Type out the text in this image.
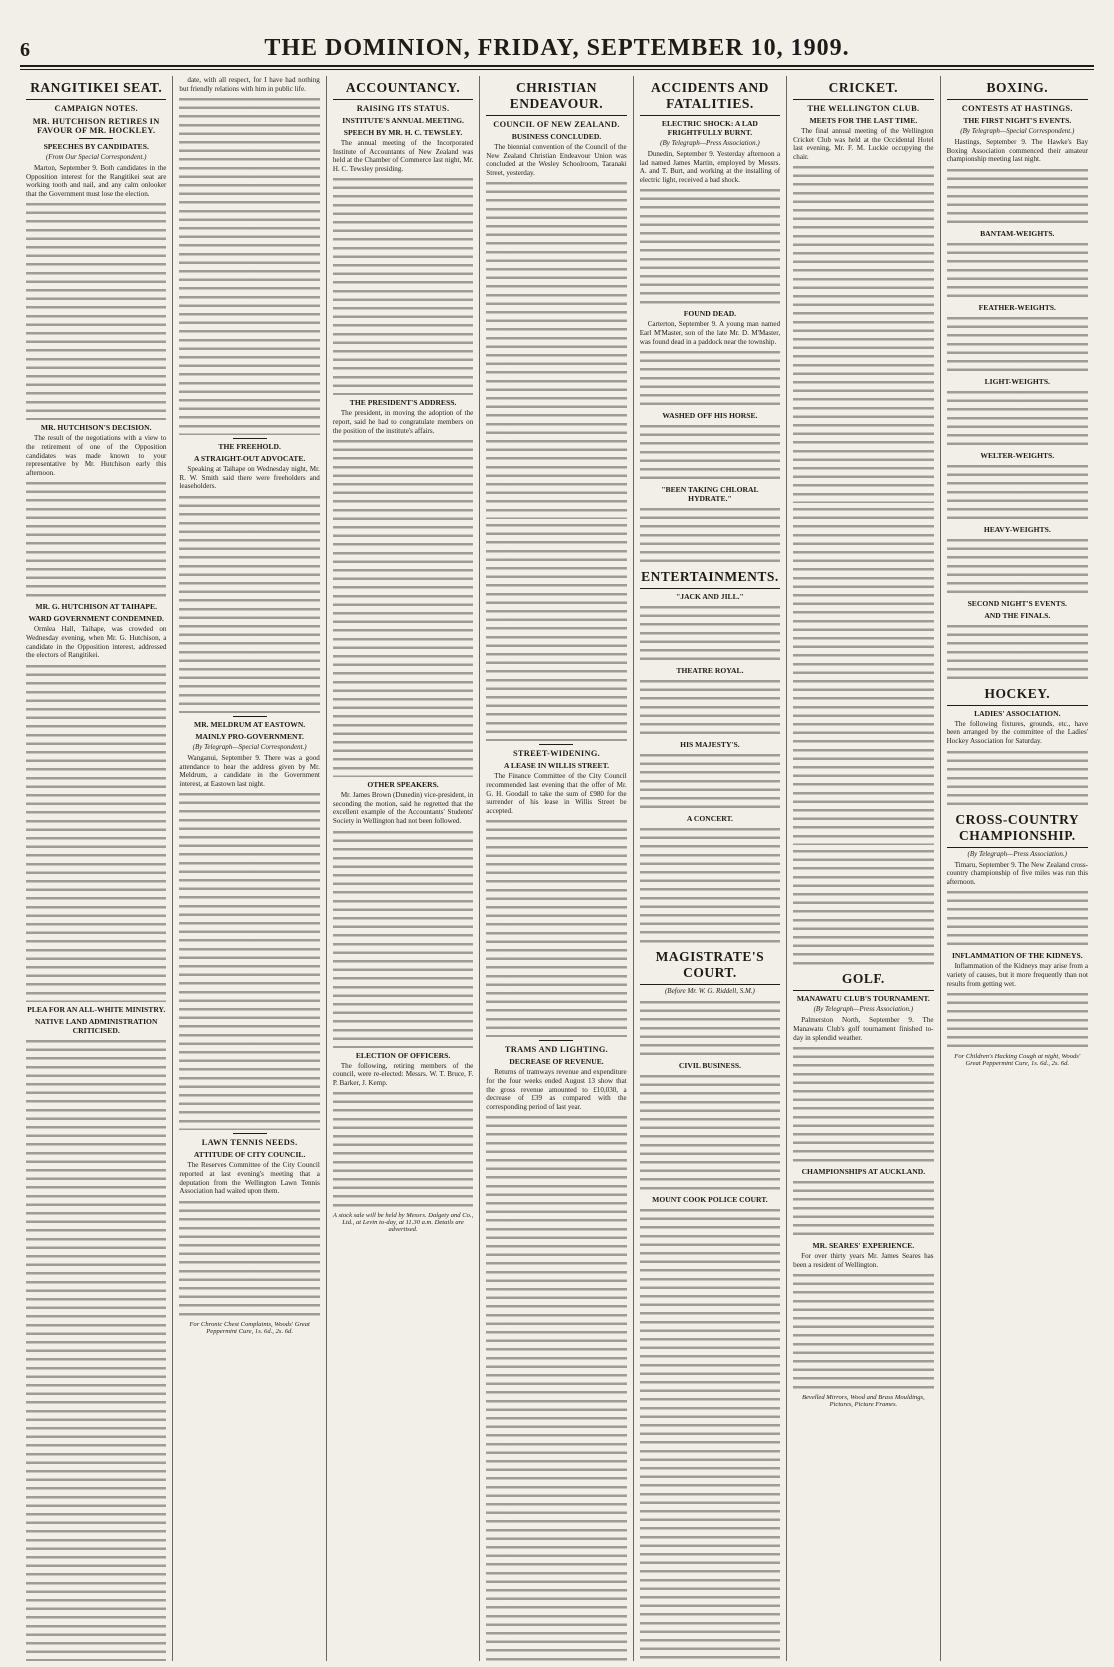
6	THE DOMINION, FRIDAY, SEPTEMBER 10, 1909.
RANGITIKEI SEAT.
CAMPAIGN NOTES.
MR. HUTCHISON RETIRES IN FAVOUR OF MR. HOCKLEY.
SPEECHES BY CANDIDATES.
(From Our Special Correspondent.)

Marton, September 9. Both candidates in the Opposition interest for the Rangitikei seat are working tooth and nail, and any calm onlooker that the Government must lose the election.

MR. HUTCHISON'S DECISION.

The result of the negotiations with a view to the retirement of one of the Opposition candidates was made known to your representative by Mr. Hutchison early this afternoon.

MR. G. HUTCHISON AT TAIHAPE.
WARD GOVERNMENT CONDEMNED.

Ormlea Hall, Taihape, was crowded on Wednesday evening, when Mr. G. Hutchison, a candidate in the Opposition interest, addressed the electors of Rangitikei.

PLEA FOR AN ALL-WHITE MINISTRY.
NATIVE LAND ADMINISTRATION CRITICISED.

date, with all respect, for I have had nothing but friendly relations with him in public life.

THE FREEHOLD.
A STRAIGHT-OUT ADVOCATE.

Speaking at Taihape on Wednesday night, Mr. R. W. Smith said there were freeholders and leaseholders.

MR. MELDRUM AT EASTOWN.
MAINLY PRO-GOVERNMENT.
(By Telegraph—Special Correspondent.)

Wanganui, September 9. There was a good attendance to hear the address given by Mr. Meldrum, a candidate in the Government interest, at Eastown last night.

LAWN TENNIS NEEDS.
ATTITUDE OF CITY COUNCIL.

The Reserves Committee of the City Council reported at last evening's meeting that a deputation from the Wellington Lawn Tennis Association had waited upon them.

For Chronic Chest Complaints, Woods' Great Peppermint Cure, 1s. 6d., 2s. 6d.
ACCOUNTANCY.
RAISING ITS STATUS.
INSTITUTE'S ANNUAL MEETING.
SPEECH BY MR. H. C. TEWSLEY.

The annual meeting of the Incorporated Institute of Accountants of New Zealand was held at the Chamber of Commerce last night, Mr. H. C. Tewsley presiding.

THE PRESIDENT'S ADDRESS.

The president, in moving the adoption of the report, said he had to congratulate members on the position of the institute's affairs.

OTHER SPEAKERS.

Mr. James Brown (Dunedin) vice-president, in seconding the motion, said he regretted that the excellent example of the Accountants' Students' Society in Wellington had not been followed.

ELECTION OF OFFICERS.

The following, retiring members of the council, were re-elected: Messrs. W. T. Bruce, F. P. Barker, J. Kemp.

A stock sale will be held by Messrs. Dalgety and Co., Ltd., at Levin to-day, at 11.30 a.m. Details are advertised.
CHRISTIAN ENDEAVOUR.
COUNCIL OF NEW ZEALAND.
BUSINESS CONCLUDED.

The biennial convention of the Council of the New Zealand Christian Endeavour Union was concluded at the Wesley Schoolroom, Taranaki Street, yesterday.

STREET-WIDENING.
A LEASE IN WILLIS STREET.

The Finance Committee of the City Council recommended last evening that the offer of Mr. G. H. Goodall to take the sum of £980 for the surrender of his lease in Willis Street be accepted.

TRAMS AND LIGHTING.
DECREASE OF REVENUE.

Returns of tramways revenue and expenditure for the four weeks ended August 13 show that the gross revenue amounted to £10,030, a decrease of £39 as compared with the corresponding period of last year.

ACCIDENTS AND FATALITIES.
ELECTRIC SHOCK: A LAD FRIGHTFULLY BURNT.
(By Telegraph—Press Association.)

Dunedin, September 9. Yesterday afternoon a lad named James Martin, employed by Messrs. A. and T. Burt, and working at the installing of electric light, received a bad shock.

FOUND DEAD.

Carterton, September 9. A young man named Earl M'Master, son of the late Mr. D. M'Master, was found dead in a paddock near the township.

WASHED OFF HIS HORSE.
"BEEN TAKING CHLORAL HYDRATE."
ENTERTAINMENTS.
"JACK AND JILL."
THEATRE ROYAL.
HIS MAJESTY'S.
A CONCERT.
MAGISTRATE'S COURT.
(Before Mr. W. G. Riddell, S.M.)
CIVIL BUSINESS.
MOUNT COOK POLICE COURT.
CRICKET.
THE WELLINGTON CLUB.
MEETS FOR THE LAST TIME.

The final annual meeting of the Wellington Cricket Club was held at the Occidental Hotel last evening, Mr. F. M. Luckie occupying the chair.

GOLF.
MANAWATU CLUB'S TOURNAMENT.
(By Telegraph—Press Association.)

Palmerston North, September 9. The Manawatu Club's golf tournament finished to-day in splendid weather.

CHAMPIONSHIPS AT AUCKLAND.
MR. SEARES' EXPERIENCE.

For over thirty years Mr. James Seares has been a resident of Wellington.

Bevelled Mirrors, Wood and Brass Mouldings, Pictures, Picture Frames.
BOXING.
CONTESTS AT HASTINGS.
THE FIRST NIGHT'S EVENTS.
(By Telegraph—Special Correspondent.)

Hastings, September 9. The Hawke's Bay Boxing Association commenced their amateur championship meeting last night.

BANTAM-WEIGHTS.
FEATHER-WEIGHTS.
LIGHT-WEIGHTS.
WELTER-WEIGHTS.
HEAVY-WEIGHTS.
SECOND NIGHT'S EVENTS.
AND THE FINALS.
HOCKEY.
LADIES' ASSOCIATION.

The following fixtures, grounds, etc., have been arranged by the committee of the Ladies' Hockey Association for Saturday.

CROSS-COUNTRY CHAMPIONSHIP.
(By Telegraph—Press Association.)

Timaru, September 9. The New Zealand cross-country championship of five miles was run this afternoon.

INFLAMMATION OF THE KIDNEYS.

Inflammation of the Kidneys may arise from a variety of causes, but it more frequently than not results from getting wet.

For Children's Hacking Cough at night, Woods' Great Peppermint Cure, 1s. 6d., 2s. 6d.
